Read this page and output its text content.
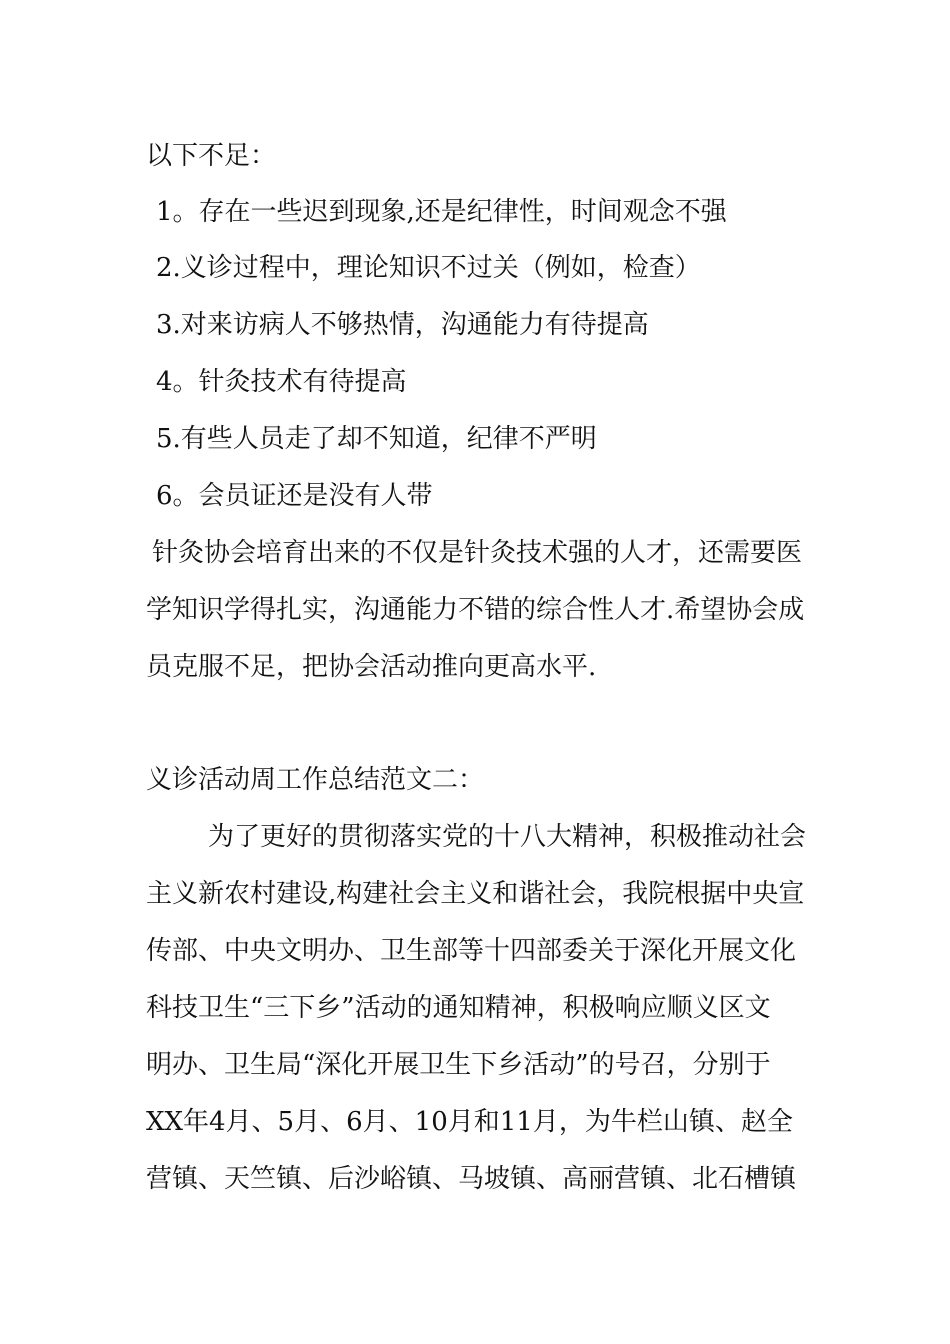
以下不足：
1。存在一些迟到现象,还是纪律性，时间观念不强
2.义诊过程中，理论知识不过关（例如，检查）
3.对来访病人不够热情，沟通能力有待提高
4。针灸技术有待提高
5.有些人员走了却不知道，纪律不严明
6。会员证还是没有人带
针灸协会培育出来的不仅是针灸技术强的人才，还需要医
学知识学得扎实，沟通能力不错的综合性人才.希望协会成
员克服不足，把协会活动推向更高水平.
义诊活动周工作总结范文二：
为了更好的贯彻落实党的十八大精神，积极推动社会
主义新农村建设,构建社会主义和谐社会，我院根据中央宣
传部、中央文明办、卫生部等十四部委关于深化开展文化
科技卫生“三下乡”活动的通知精神，积极响应顺义区文
明办、卫生局“深化开展卫生下乡活动”的号召，分别于
XX年4月、5月、6月、10月和11月，为牛栏山镇、赵全
营镇、天竺镇、后沙峪镇、马坡镇、高丽营镇、北石槽镇
